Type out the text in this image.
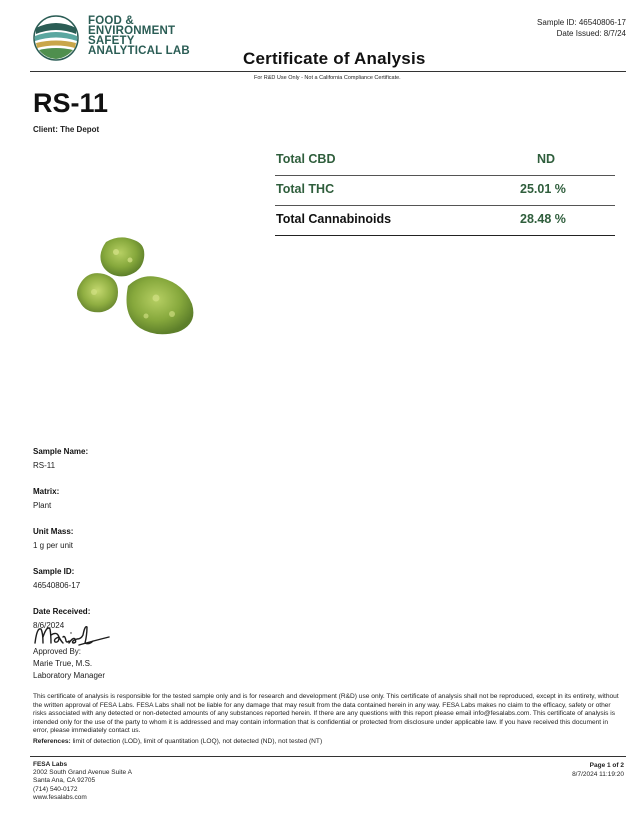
FOOD &
ENVIRONMENT
SAFETY
ANALYTICAL LAB
Sample ID: 46540806-17
Date Issued: 8/7/24
Certificate of Analysis
For R&D Use Only - Not a California Compliance Certificate.
RS-11
Client: The Depot
Total CBD	ND
Total THC	25.01 %
Total Cannabinoids	28.48 %
Sample Name:
RS-11
Matrix:
Plant
Unit Mass:
1 g per unit
Sample ID:
46540806-17
Date Received:
8/6/2024
Approved By:
Marie True, M.S.
Laboratory Manager
This certificate of analysis is responsible for the tested sample only and is for research and development (R&D) use only. This certificate of analysis shall not be reproduced, except in its entirety, without the written approval of FESA Labs. FESA Labs shall not be liable for any damage that may result from the data contained herein in any way. FESA Labs makes no claim to the efficacy, safety or other risks associated with any detected or non-detected amounts of any substances reported herein. If there are any questions with this report please email info@fesalabs.com. This certificate of analysis is intended only for the use of the party to whom it is addressed and may contain information that is confidential or protected from disclosure under applicable law. If you have received this document in error, please immediately contact us.
References: limit of detection (LOD), limit of quantitation (LOQ), not detected (ND), not tested (NT)
FESA Labs
2002 South Grand Avenue Suite A
Santa Ana, CA 92705
(714) 540-0172
www.fesalabs.com
Page 1 of 2
8/7/2024 11:19:20
